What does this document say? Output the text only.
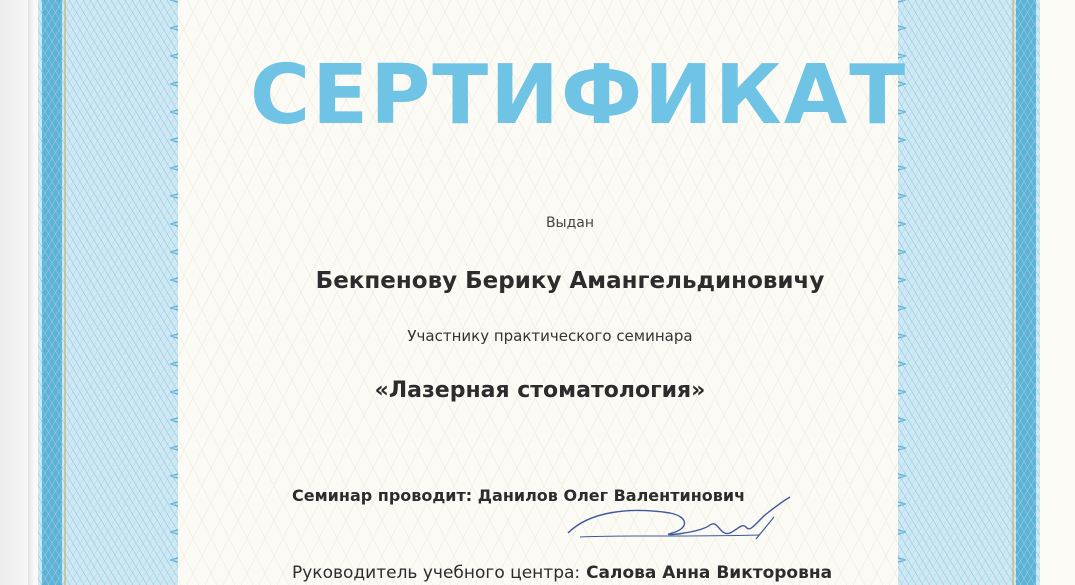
СЕРТИФИКАТ
Выдан
Бекпенову Берику Амангельдиновичу
Участнику практического семинара
«Лазерная стоматология»
Семинар проводит: Данилов Олег Валентинович
Руководитель учебного центра: Салова Анна Викторовна
